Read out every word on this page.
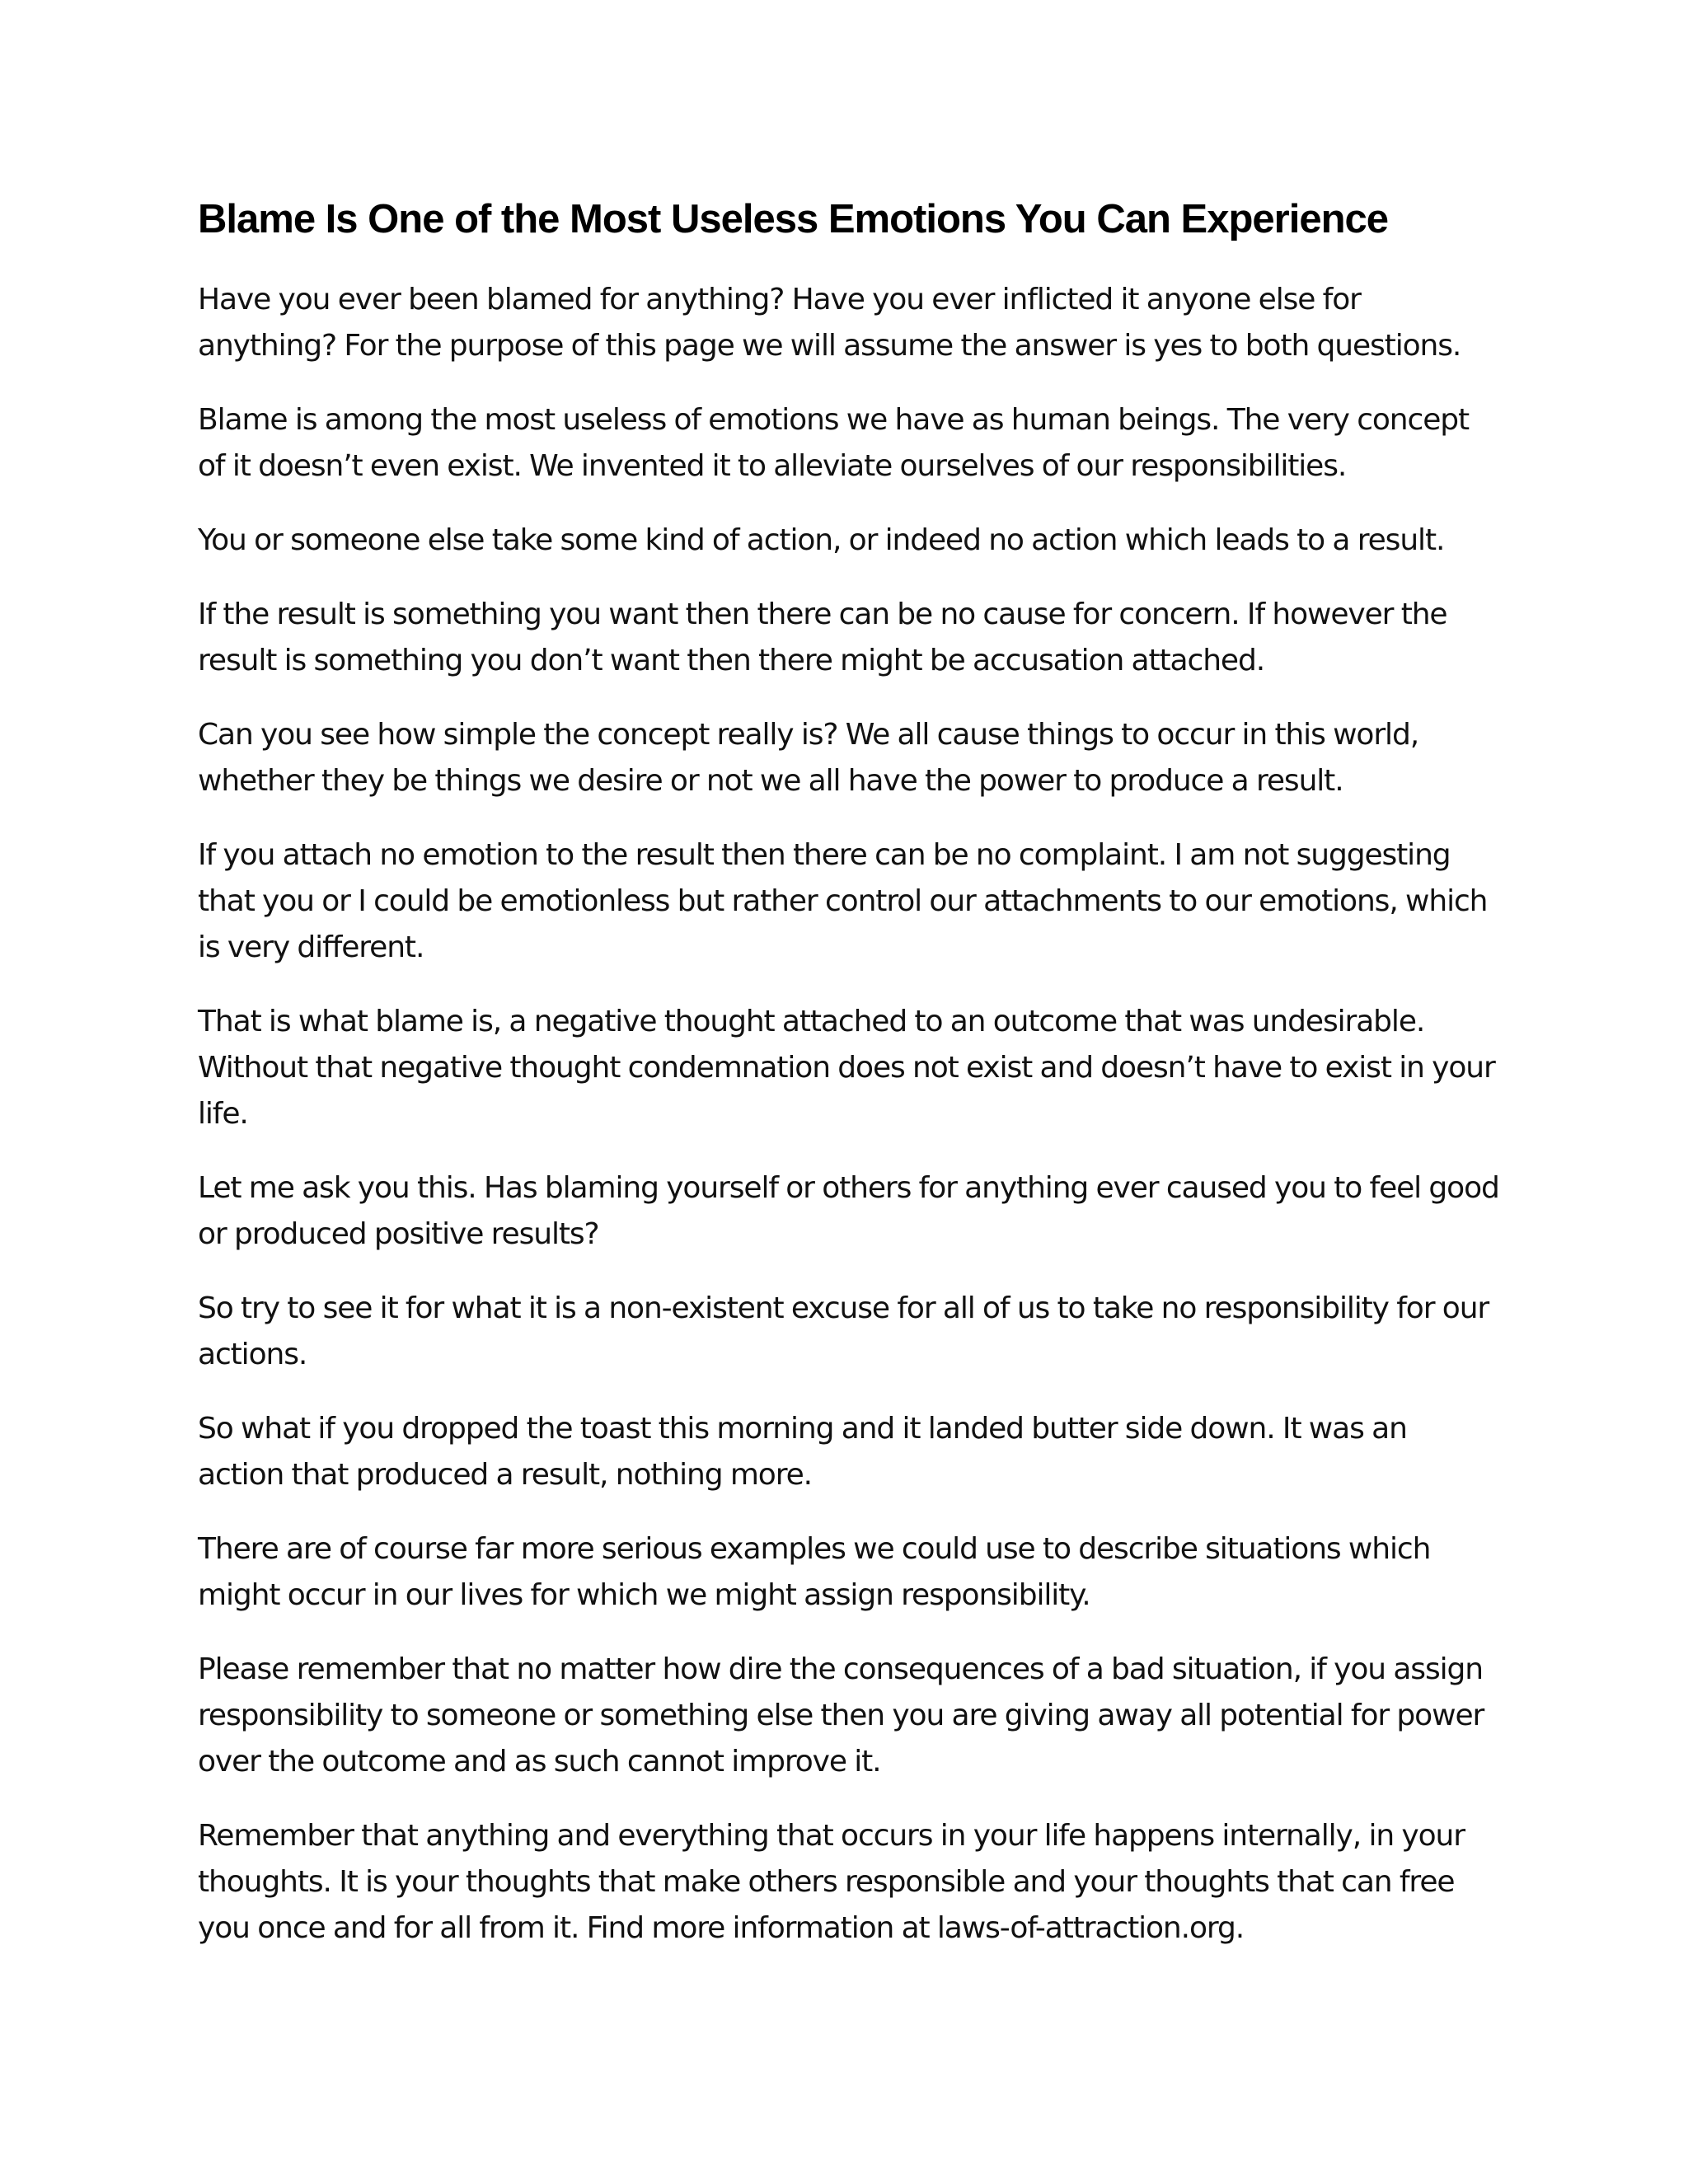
Blame Is One of the Most Useless Emotions You Can Experience

Have you ever been blamed for anything? Have you ever inflicted it anyone else for anything? For the purpose of this page we will assume the answer is yes to both questions.

Blame is among the most useless of emotions we have as human beings. The very concept of it doesn’t even exist. We invented it to alleviate ourselves of our responsibilities.

You or someone else take some kind of action, or indeed no action which leads to a result.

If the result is something you want then there can be no cause for concern. If however the result is something you don’t want then there might be accusation attached.

Can you see how simple the concept really is? We all cause things to occur in this world, whether they be things we desire or not we all have the power to produce a result.

If you attach no emotion to the result then there can be no complaint. I am not suggesting that you or I could be emotionless but rather control our attachments to our emotions, which is very different.

That is what blame is, a negative thought attached to an outcome that was undesirable. Without that negative thought condemnation does not exist and doesn’t have to exist in your life.

Let me ask you this. Has blaming yourself or others for anything ever caused you to feel good or produced positive results?

So try to see it for what it is a non-existent excuse for all of us to take no responsibility for our actions.

So what if you dropped the toast this morning and it landed butter side down. It was an action that produced a result, nothing more.

There are of course far more serious examples we could use to describe situations which might occur in our lives for which we might assign responsibility.

Please remember that no matter how dire the consequences of a bad situation, if you assign responsibility to someone or something else then you are giving away all potential for power over the outcome and as such cannot improve it.

Remember that anything and everything that occurs in your life happens internally, in your thoughts. It is your thoughts that make others responsible and your thoughts that can free you once and for all from it. Find more information at laws-of-attraction.org.
